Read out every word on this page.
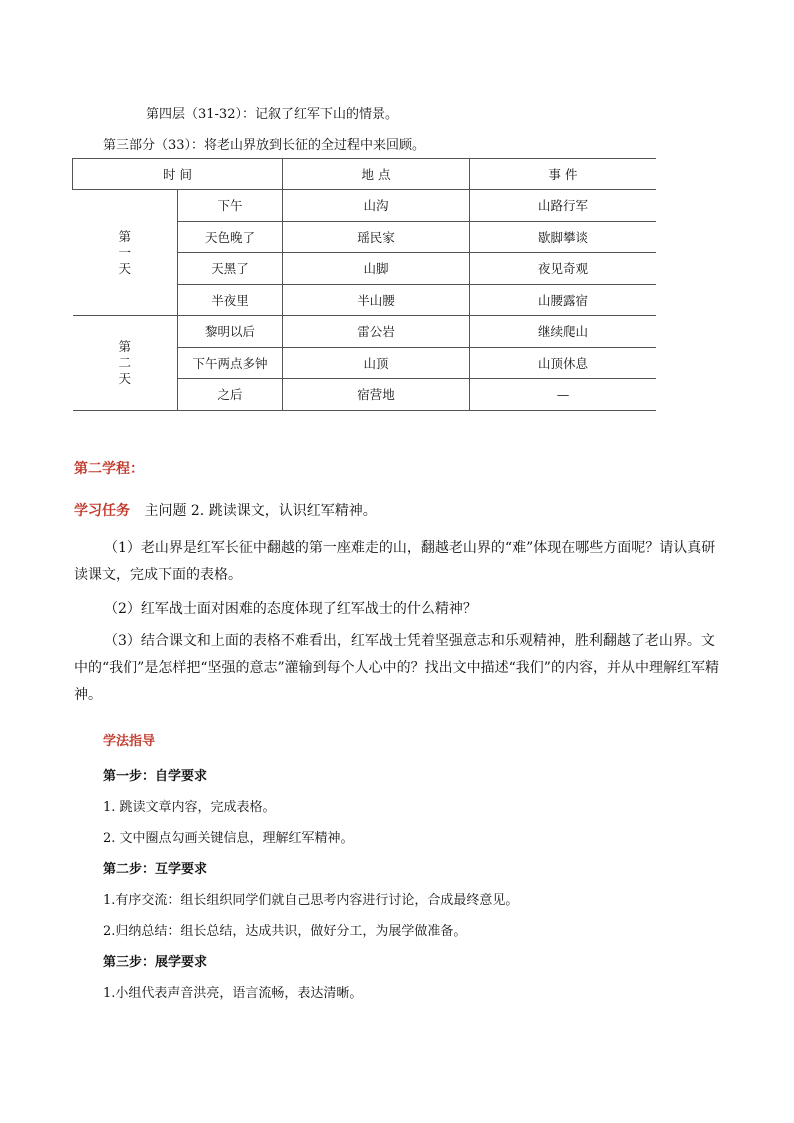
第四层（31-32）：记叙了红军下山的情景。
第三部分（33）：将老山界放到长征的全过程中来回顾。
时 间		地 点	事 件
第一天	下午	山沟	山路行军
	天色晚了	瑶民家	歇脚攀谈
	天黑了	山脚	夜见奇观
	半夜里	半山腰	山腰露宿
第二天	黎明以后	雷公岩	继续爬山
	下午两点多钟	山顶	山顶休息
	之后	宿营地	—
第二学程：
学习任务 主问题 2. 跳读课文，认识红军精神。
（1）老山界是红军长征中翻越的第一座难走的山，翻越老山界的“难”体现在哪些方面呢？请认真研读课文，完成下面的表格。
（2）红军战士面对困难的态度体现了红军战士的什么精神？
（3）结合课文和上面的表格不难看出，红军战士凭着坚强意志和乐观精神，胜利翻越了老山界。文中的“我们”是怎样把“坚强的意志”灌输到每个人心中的？找出文中描述“我们”的内容，并从中理解红军精神。
学法指导
第一步：自学要求
1. 跳读文章内容，完成表格。
2. 文中圈点勾画关键信息，理解红军精神。
第二步：互学要求
1.有序交流：组长组织同学们就自己思考内容进行讨论，合成最终意见。
2.归纳总结：组长总结，达成共识，做好分工，为展学做准备。
第三步：展学要求
1.小组代表声音洪亮，语言流畅，表达清晰。
